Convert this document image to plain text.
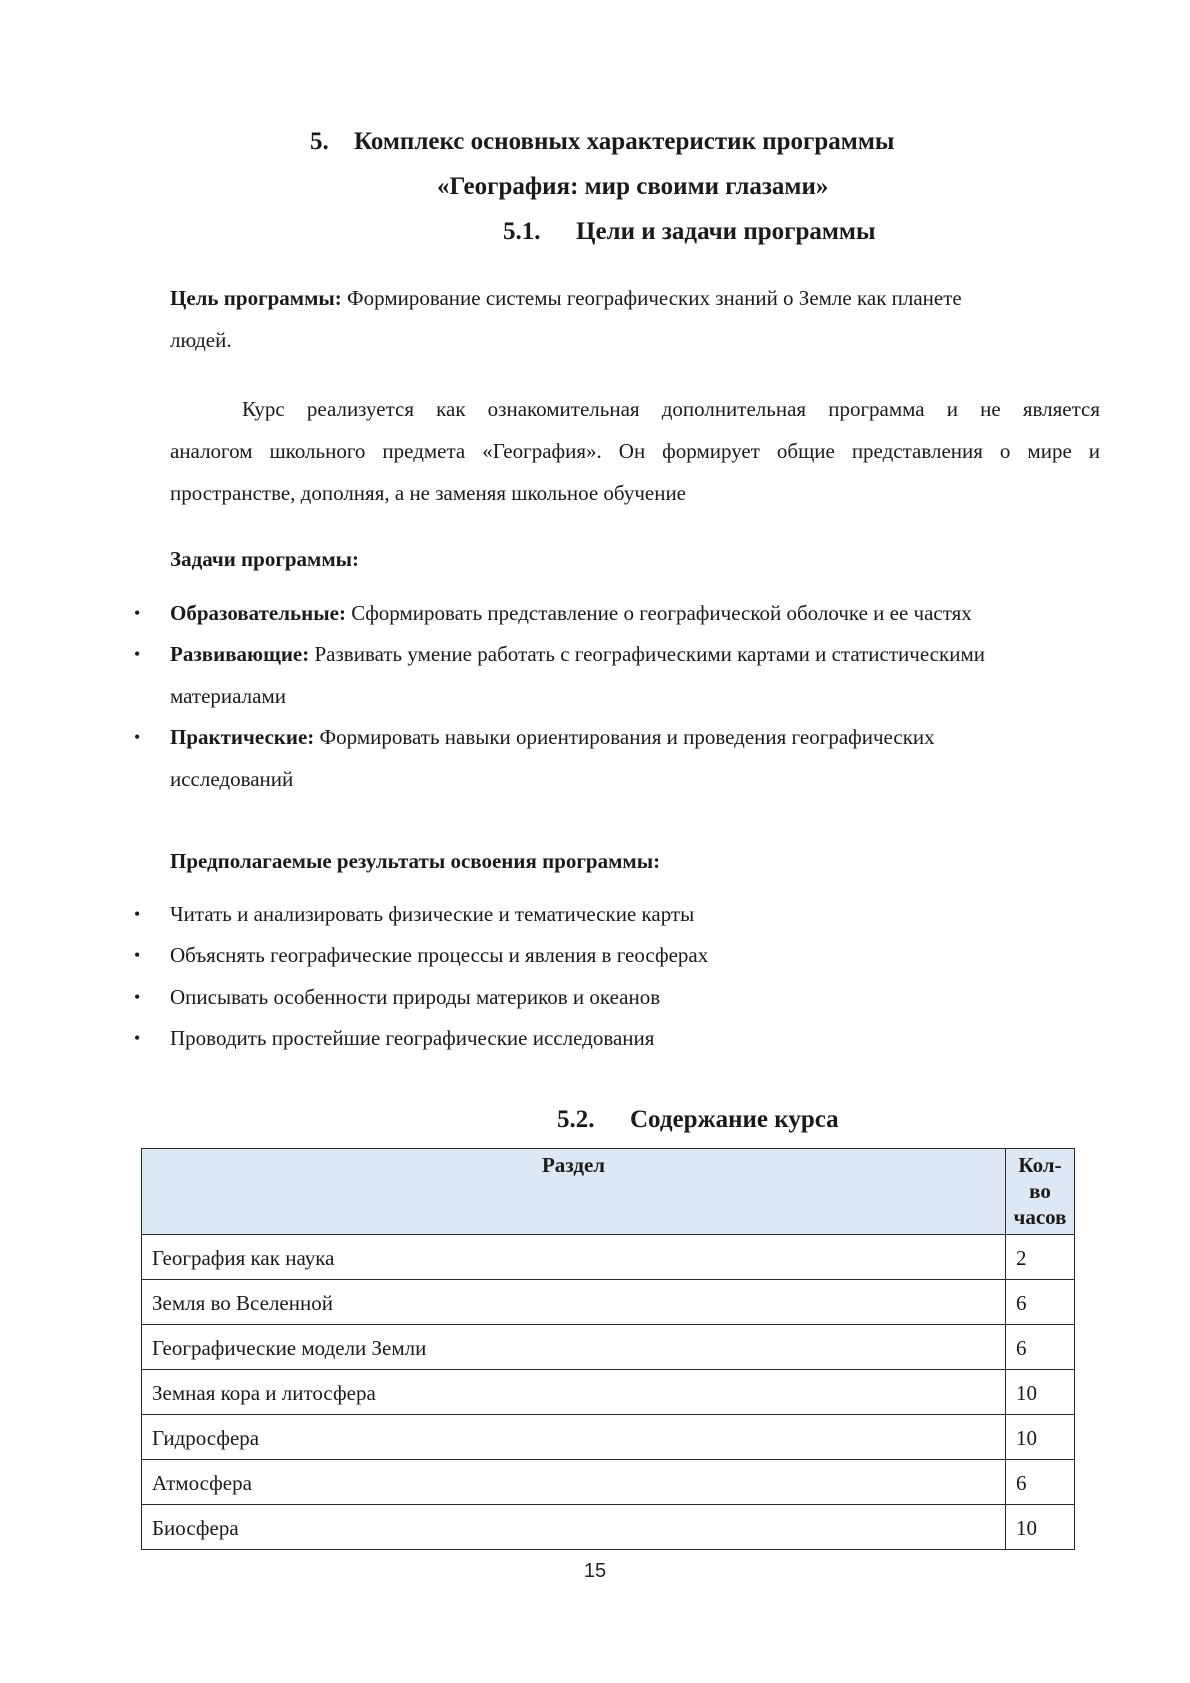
5. Комплекс основных характеристик программы
«География: мир своими глазами»
5.1. Цели и задачи программы
Цель программы: Формирование системы географических знаний о Земле как планете
людей.
Курс реализуется как ознакомительная дополнительная программа и не является
аналогом школьного предмета «География». Он формирует общие представления о мире и
пространстве, дополняя, а не заменяя школьное обучение
Задачи программы:
• Образовательные: Сформировать представление о географической оболочке и ее частях
• Развивающие: Развивать умение работать с географическими картами и статистическими
материалами
• Практические: Формировать навыки ориентирования и проведения географических
исследований
Предполагаемые результаты освоения программы:
• Читать и анализировать физические и тематические карты
• Объяснять географические процессы и явления в геосферах
• Описывать особенности природы материков и океанов
• Проводить простейшие географические исследования
5.2. Содержание курса
Раздел	Кол-
во
часов

География как наука	2
Земля во Вселенной	6
Географические модели Земли	6
Земная кора и литосфера	10
Гидросфера	10
Атмосфера	6
Биосфера	10
15
